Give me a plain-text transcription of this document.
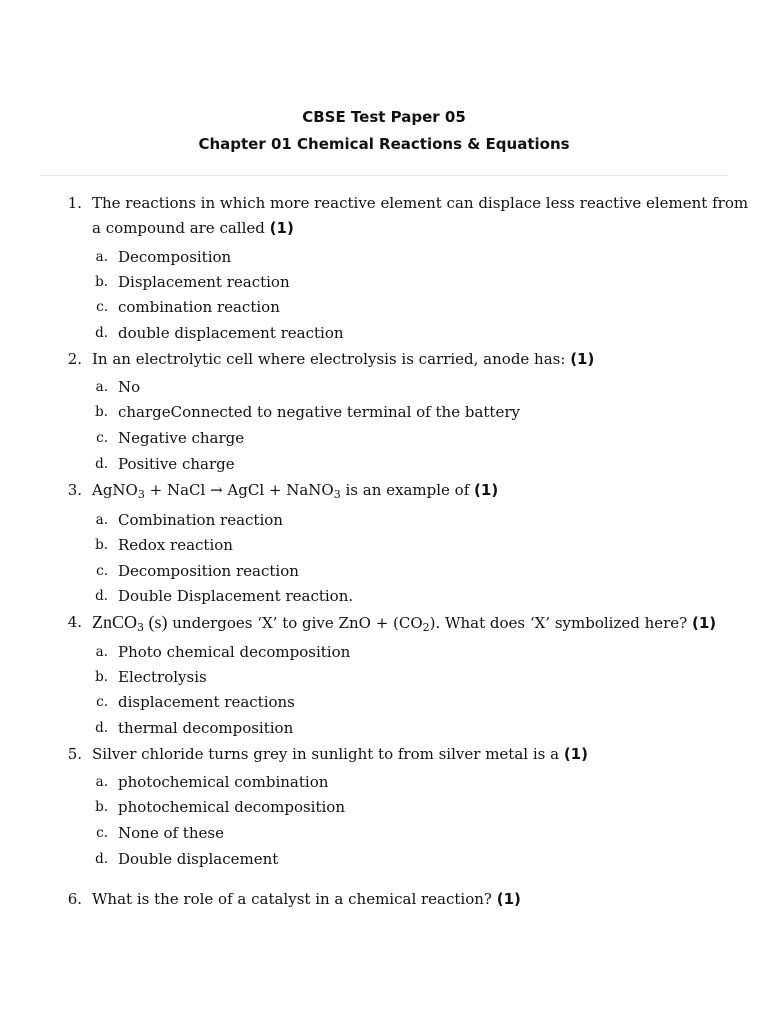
CBSE Test Paper 05
Chapter 01 Chemical Reactions & Equations
1. The reactions in which more reactive element can displace less reactive element from
a compound are called (1)
a. Decomposition
b. Displacement reaction
c. combination reaction
d. double displacement reaction
2. In an electrolytic cell where electrolysis is carried, anode has: (1)
a. No
b. chargeConnected to negative terminal of the battery
c. Negative charge
d. Positive charge
3. AgNO$_3$ + NaCl → AgCl + NaNO$_3$ is an example of (1)
a. Combination reaction
b. Redox reaction
c. Decomposition reaction
d. Double Displacement reaction.
4. ZnCO$_3$ (s) undergoes ‘X’ to give ZnO + $(CO_2)$. What does ‘X’ symbolized here? (1)
a. Photo chemical decomposition
b. Electrolysis
c. displacement reactions
d. thermal decomposition
5. Silver chloride turns grey in sunlight to from silver metal is a (1)
a. photochemical combination
b. photochemical decomposition
c. None of these
d. Double displacement
6. What is the role of a catalyst in a chemical reaction? (1)
